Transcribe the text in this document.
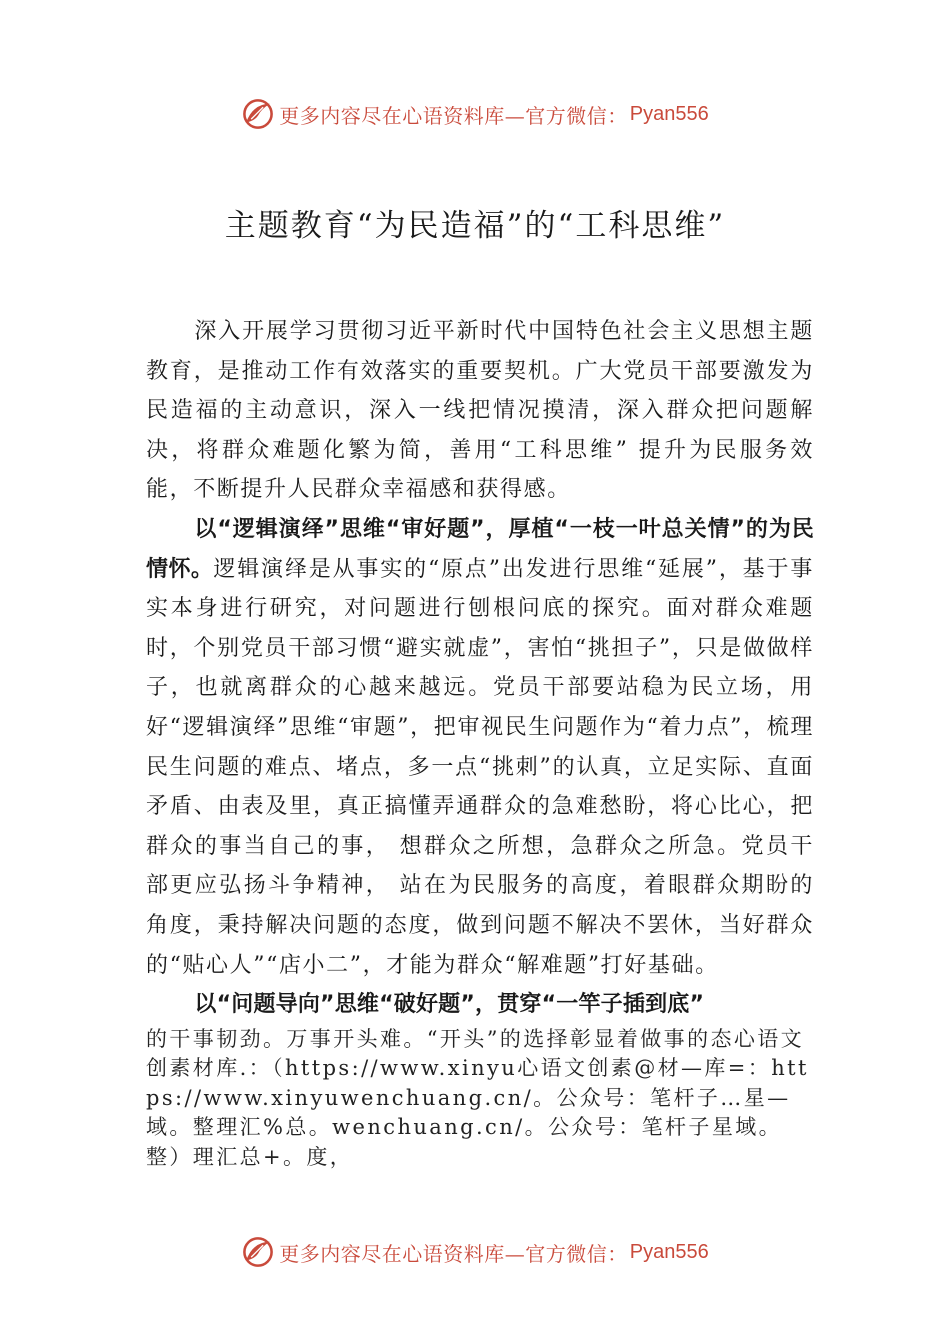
更多内容尽在心语资料库—官方微信： Pyan556
主题教育“为民造福”的“工科思维”

深入开展学习贯彻习近平新时代中国特色社会主义思想主题教育，是推动工作有效落实的重要契机。广大党员干部要激发为民造福的主动意识，深入一线把情况摸清，深入群众把问题解决，将群众难题化繁为简，善用“工科思维” 提升为民服务效能，不断提升人民群众幸福感和获得感。

以“逻辑演绎”思维“审好题”，厚植“一枝一叶总关情”的为民情怀。逻辑演绎是从事实的“原点”出发进行思维“延展”，基于事实本身进行研究，对问题进行刨根问底的探究。面对群众难题时，个别党员干部习惯“避实就虚”，害怕“挑担子”，只是做做样子，也就离群众的心越来越远。党员干部要站稳为民立场，用好“逻辑演绎”思维“审题”，把审视民生问题作为“着力点”，梳理民生问题的难点、堵点，多一点“挑刺”的认真，立足实际、直面矛盾、由表及里，真正搞懂弄通群众的急难愁盼，将心比心，把群众的事当自己的事， 想群众之所想，急群众之所急。党员干部更应弘扬斗争精神， 站在为民服务的高度，着眼群众期盼的角度，秉持解决问题的态度，做到问题不解决不罢休，当好群众的“贴心人”“店小二”，才能为群众“解难题”打好基础。

以“问题导向”思维“破好题”，贯穿“一竿子插到底”

的干事韧劲。万事开头难。“开头”的选择彰显着做事的态心语文创素材库.：（https://www.xinyu心语文创素@材—库=：https://www.xinyuwenchuang.cn/。公众号：笔杆子…星—域。整理汇%总。wenchuang.cn/。公众号：笔杆子星域。整）理汇总+。度，

更多内容尽在心语资料库—官方微信： Pyan556
